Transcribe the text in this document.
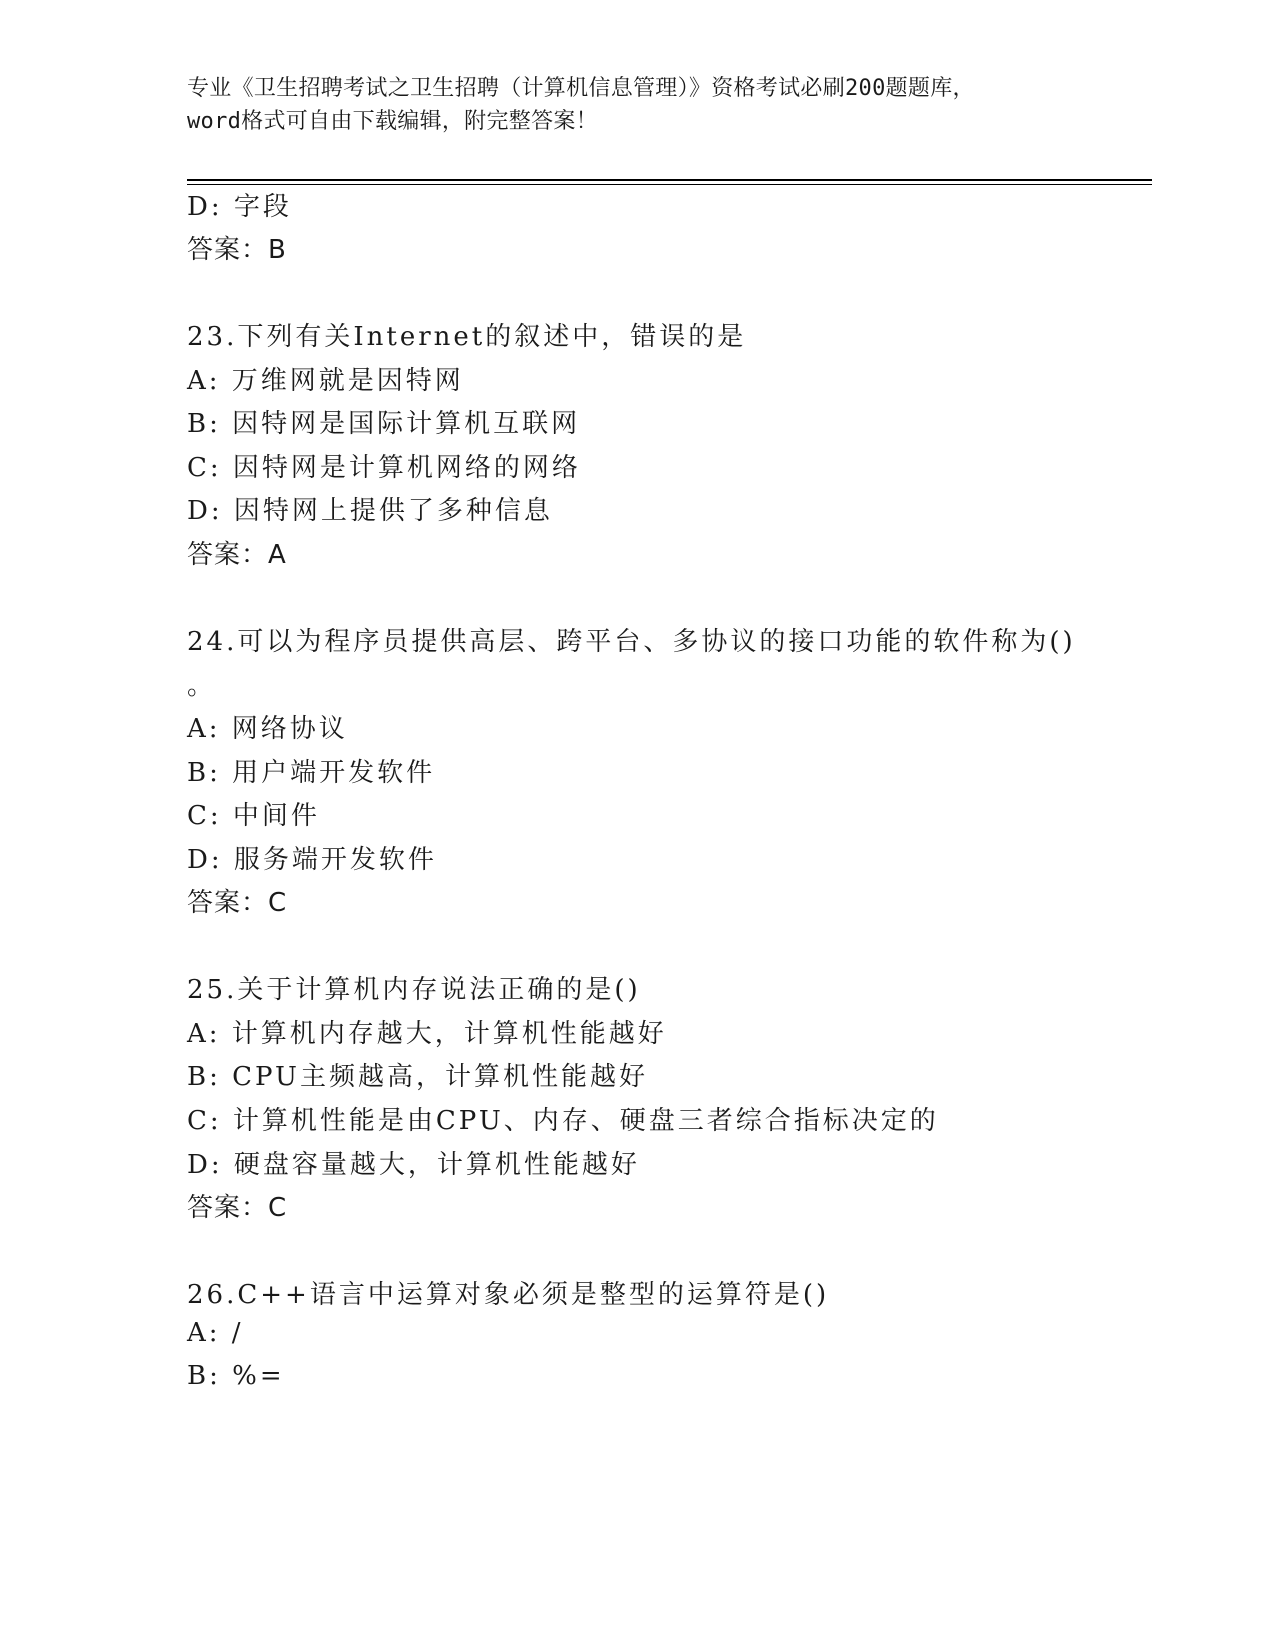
专业《卫生招聘考试之卫生招聘（计算机信息管理）》资格考试必刷200题题库，
word格式可自由下载编辑，附完整答案！
D: 字段
答案：B
23.下列有关Internet的叙述中，错误的是
A: 万维网就是因特网
B: 因特网是国际计算机互联网
C: 因特网是计算机网络的网络
D: 因特网上提供了多种信息
答案：A
24.可以为程序员提供高层、跨平台、多协议的接口功能的软件称为()
。
A: 网络协议
B: 用户端开发软件
C: 中间件
D: 服务端开发软件
答案：C
25.关于计算机内存说法正确的是()
A: 计算机内存越大，计算机性能越好
B: CPU主频越高，计算机性能越好
C: 计算机性能是由CPU、内存、硬盘三者综合指标决定的
D: 硬盘容量越大，计算机性能越好
答案：C
26.C++语言中运算对象必须是整型的运算符是()
A: /
B: %=
